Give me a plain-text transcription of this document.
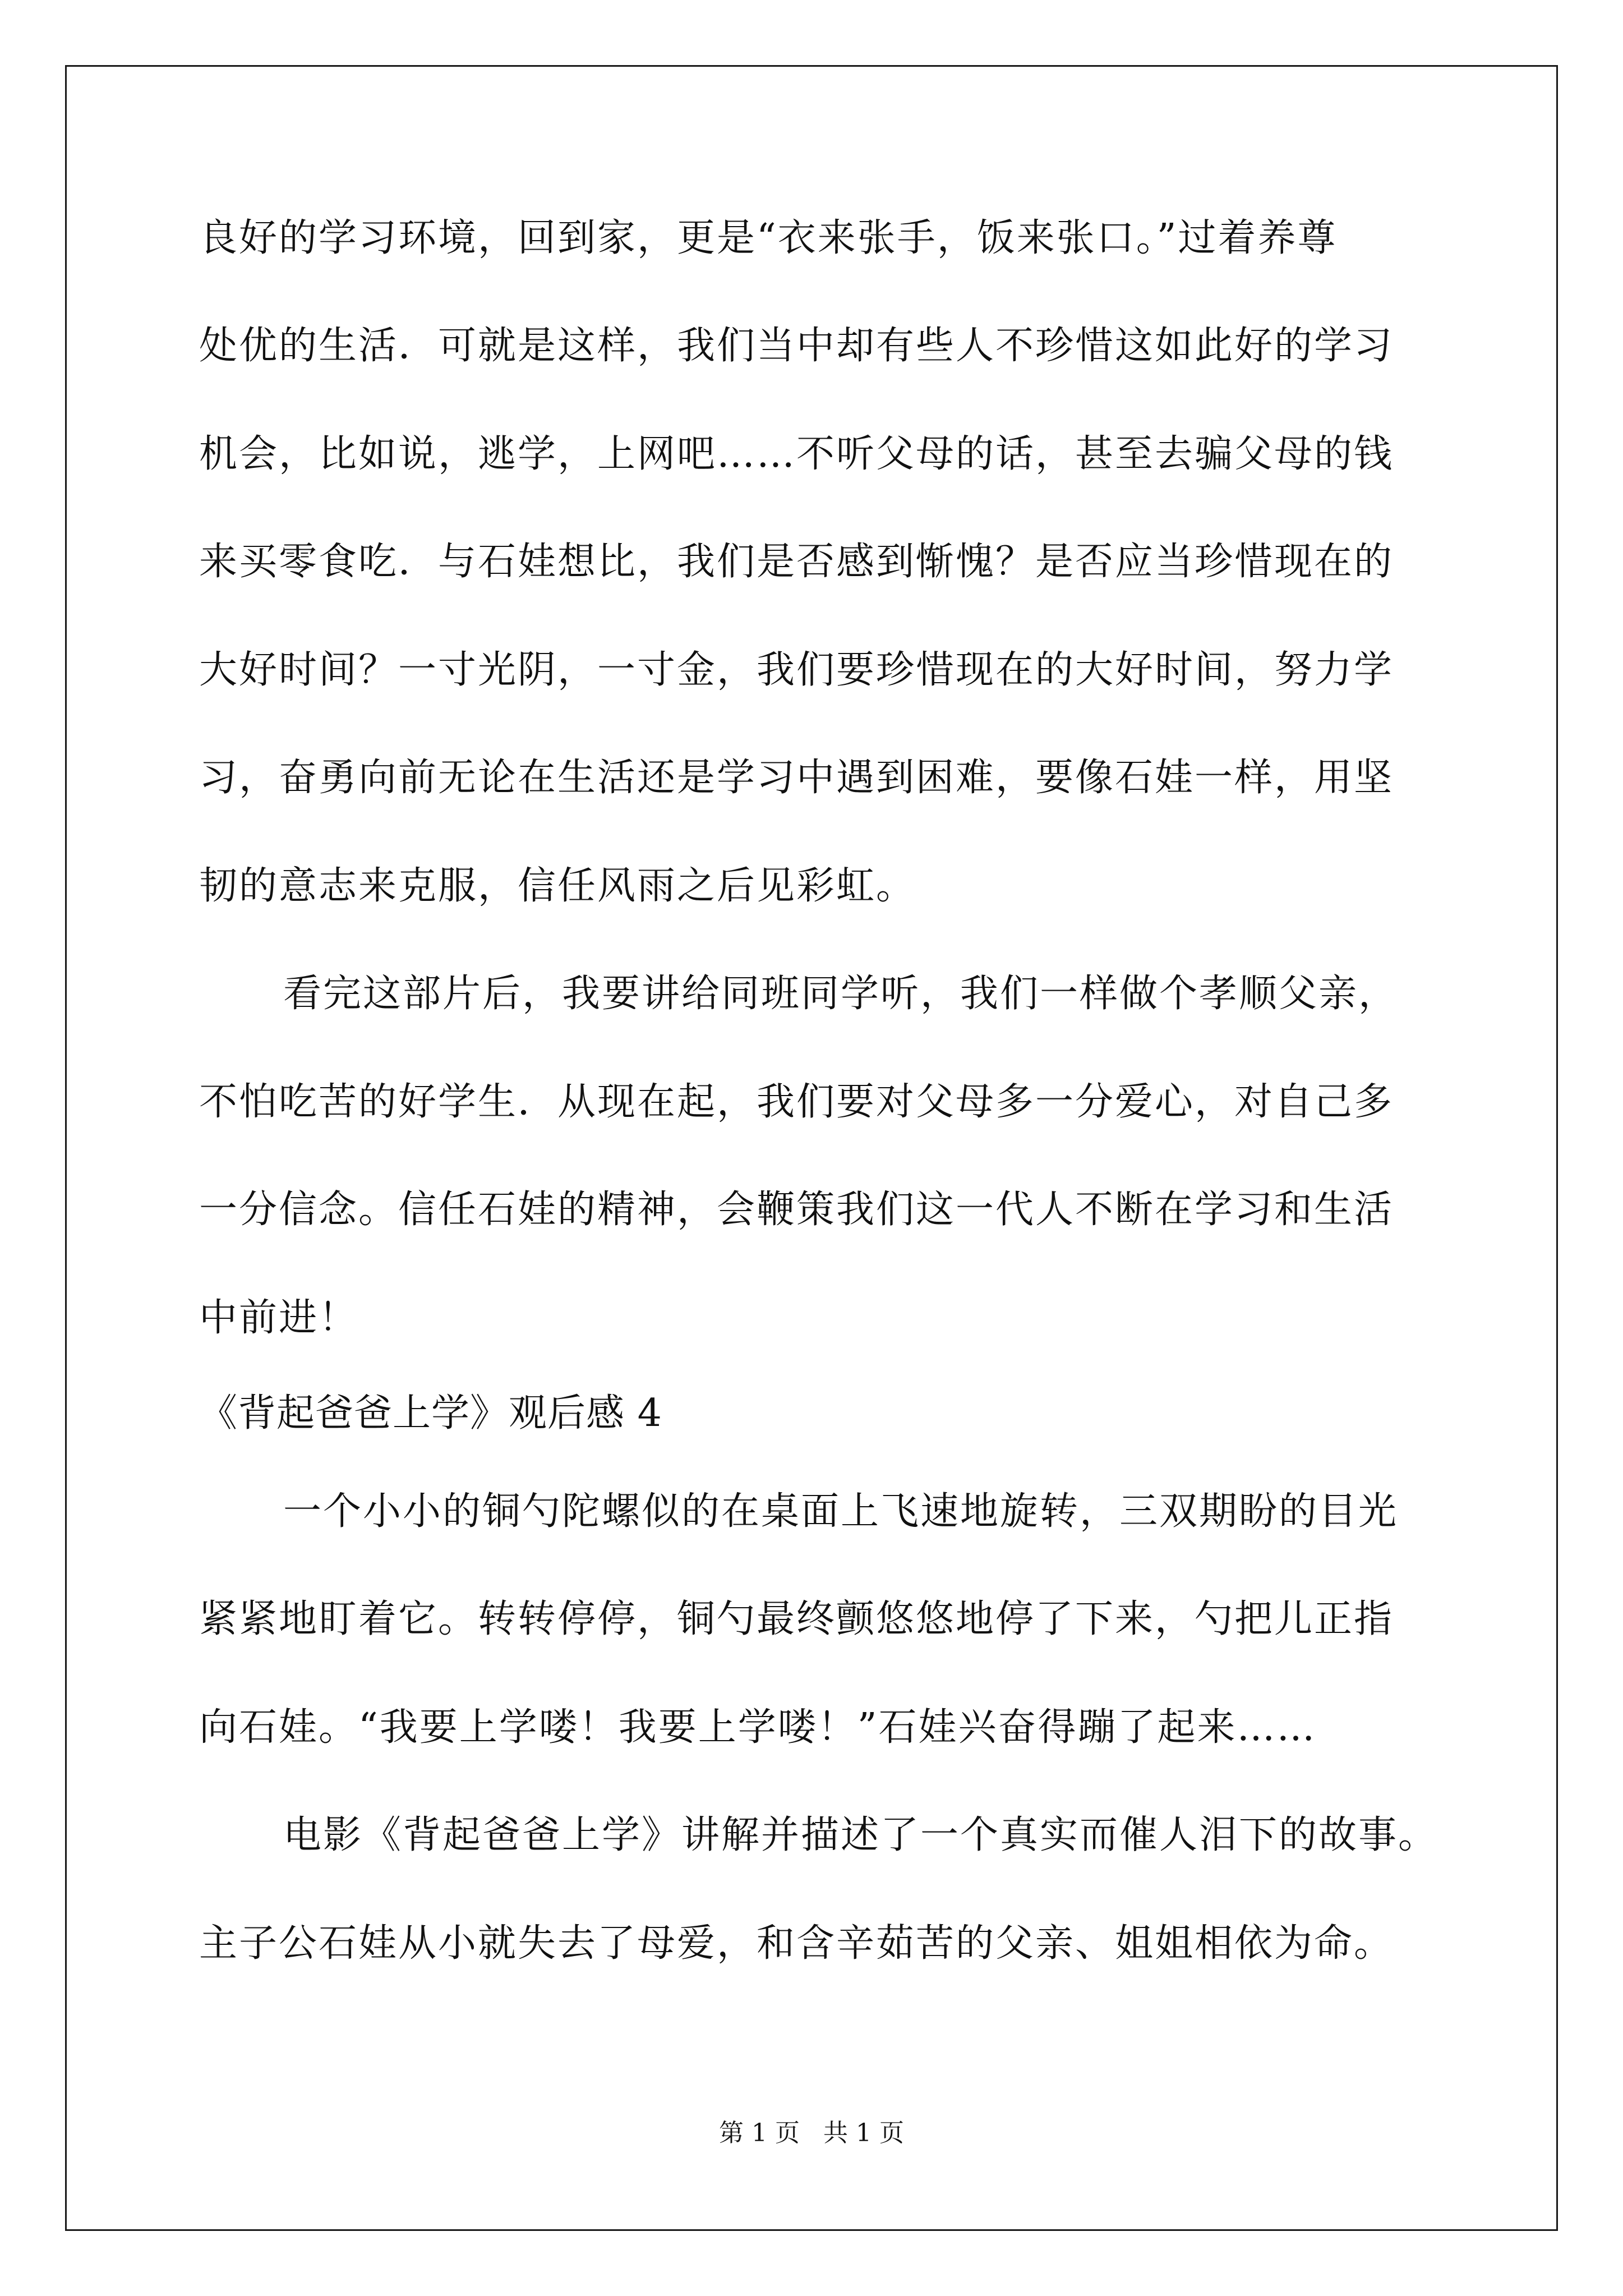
良好的学习环境，回到家，更是“衣来张手，饭来张口。”过着养尊
处优的生活．可就是这样，我们当中却有些人不珍惜这如此好的学习
机会，比如说，逃学，上网吧……不听父母的话，甚至去骗父母的钱
来买零食吃．与石娃想比，我们是否感到惭愧？是否应当珍惜现在的
大好时间？一寸光阴，一寸金，我们要珍惜现在的大好时间，努力学
习，奋勇向前无论在生活还是学习中遇到困难，要像石娃一样，用坚
韧的意志来克服，信任风雨之后见彩虹。
看完这部片后，我要讲给同班同学听，我们一样做个孝顺父亲，
不怕吃苦的好学生．从现在起，我们要对父母多一分爱心，对自己多
一分信念。信任石娃的精神，会鞭策我们这一代人不断在学习和生活
中前进！
《背起爸爸上学》观后感 4
一个小小的铜勺陀螺似的在桌面上飞速地旋转，三双期盼的目光
紧紧地盯着它。转转停停，铜勺最终颤悠悠地停了下来，勺把儿正指
向石娃。“我要上学喽！我要上学喽！”石娃兴奋得蹦了起来……
电影《背起爸爸上学》讲解并描述了一个真实而催人泪下的故事。
主子公石娃从小就失去了母爱，和含辛茹苦的父亲、姐姐相依为命。
第 1 页   共 1 页
